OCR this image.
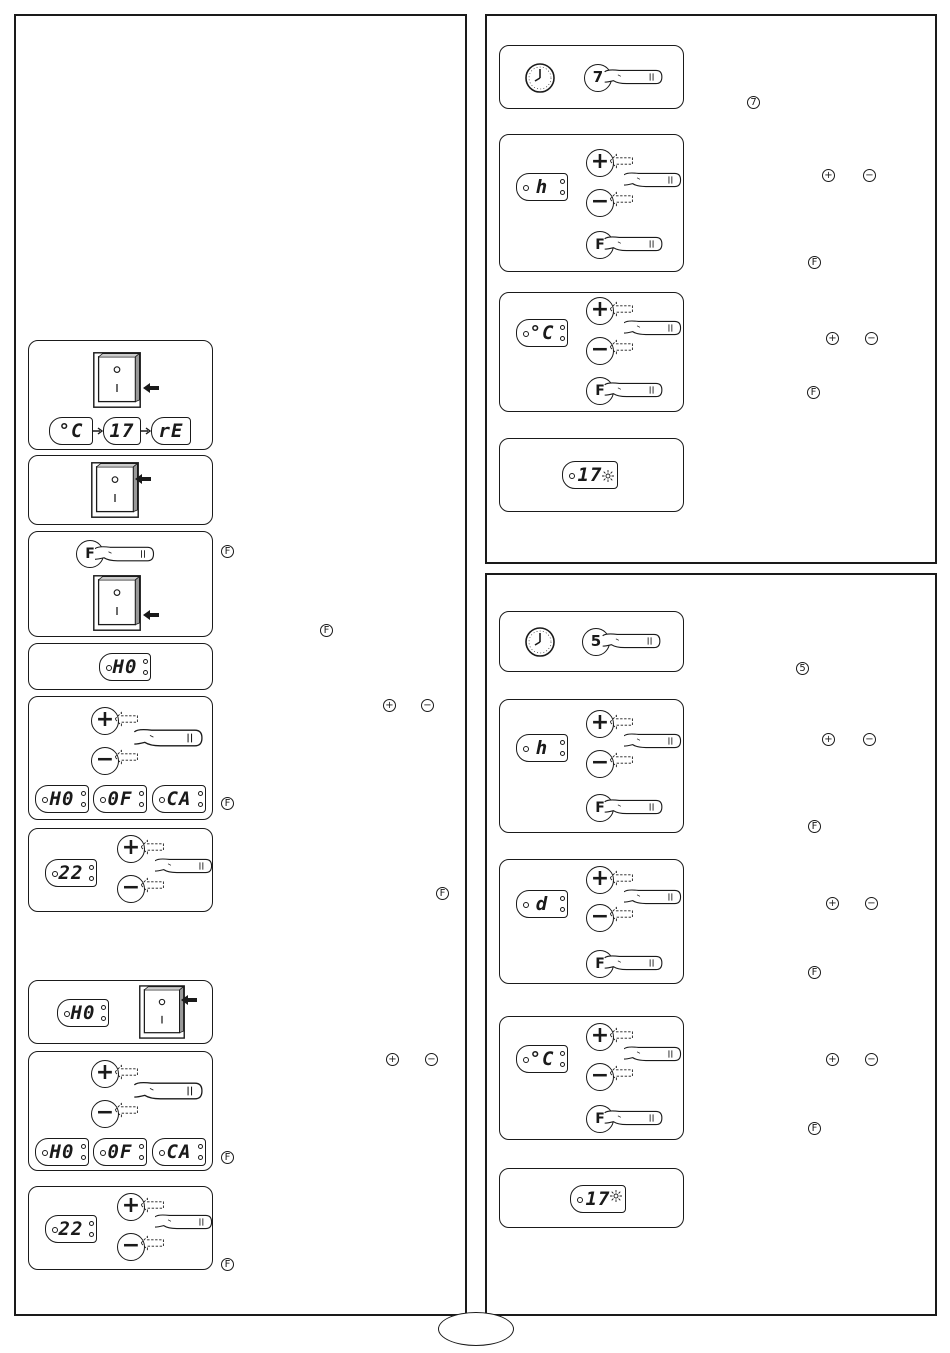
°C	17	rE
F	F
F
H0
+
−
H0 0F CA
+	−
F
22
+
−	F
H0
+
−
H0 0F CA
+	−
F
22
+
−
F
7
7
h
+
−
F
+	−
F
°C
+
−
F
+	−
F
17
5
5
h
+
−
F
+	−
F
d
+
−
F
+	−
F
°C
+
−
F
+	−
F
17
